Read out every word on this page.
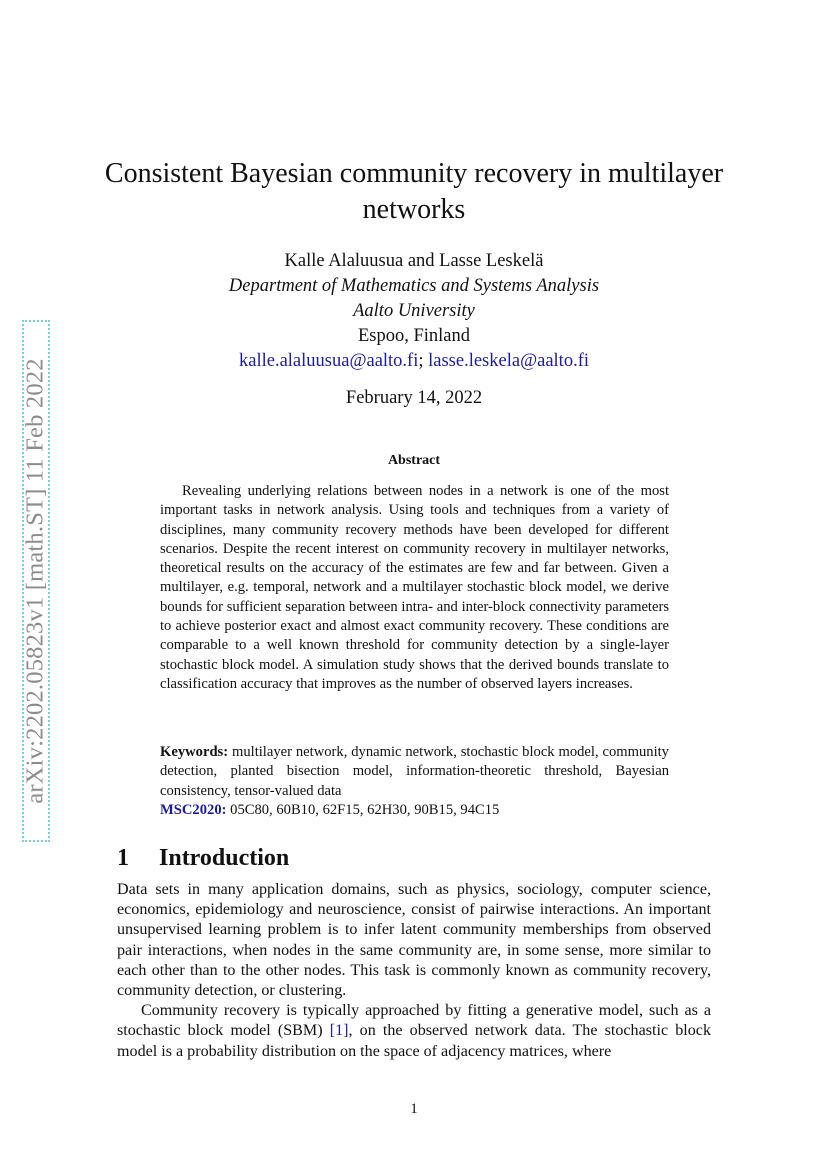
arXiv:2202.05823v1 [math.ST] 11 Feb 2022
Consistent Bayesian community recovery in multilayer networks
Kalle Alaluusua and Lasse Leskelä
Department of Mathematics and Systems Analysis
Aalto University
Espoo, Finland
kalle.alaluusua@aalto.fi; lasse.leskela@aalto.fi
February 14, 2022
Abstract
Revealing underlying relations between nodes in a network is one of the most important tasks in network analysis. Using tools and techniques from a variety of disciplines, many community recovery methods have been developed for different scenarios. Despite the recent interest on community recovery in multilayer networks, theoretical results on the accuracy of the estimates are few and far between. Given a multilayer, e.g. temporal, network and a multilayer stochastic block model, we derive bounds for sufficient separation between intra- and inter-block connectivity parameters to achieve posterior exact and almost exact community recovery. These conditions are comparable to a well known threshold for community detection by a single-layer stochastic block model. A simulation study shows that the derived bounds translate to classification accuracy that improves as the number of observed layers increases.
Keywords: multilayer network, dynamic network, stochastic block model, community detection, planted bisection model, information-theoretic threshold, Bayesian consistency, tensor-valued data
MSC2020: 05C80, 60B10, 62F15, 62H30, 90B15, 94C15
1 Introduction

Data sets in many application domains, such as physics, sociology, computer science, economics, epidemiology and neuroscience, consist of pairwise interactions. An important unsupervised learning problem is to infer latent community memberships from observed pair interactions, when nodes in the same community are, in some sense, more similar to each other than to the other nodes. This task is commonly known as community recovery, community detection, or clustering.

Community recovery is typically approached by fitting a generative model, such as a stochastic block model (SBM) [1], on the observed network data. The stochastic block model is a probability distribution on the space of adjacency matrices, where

1
